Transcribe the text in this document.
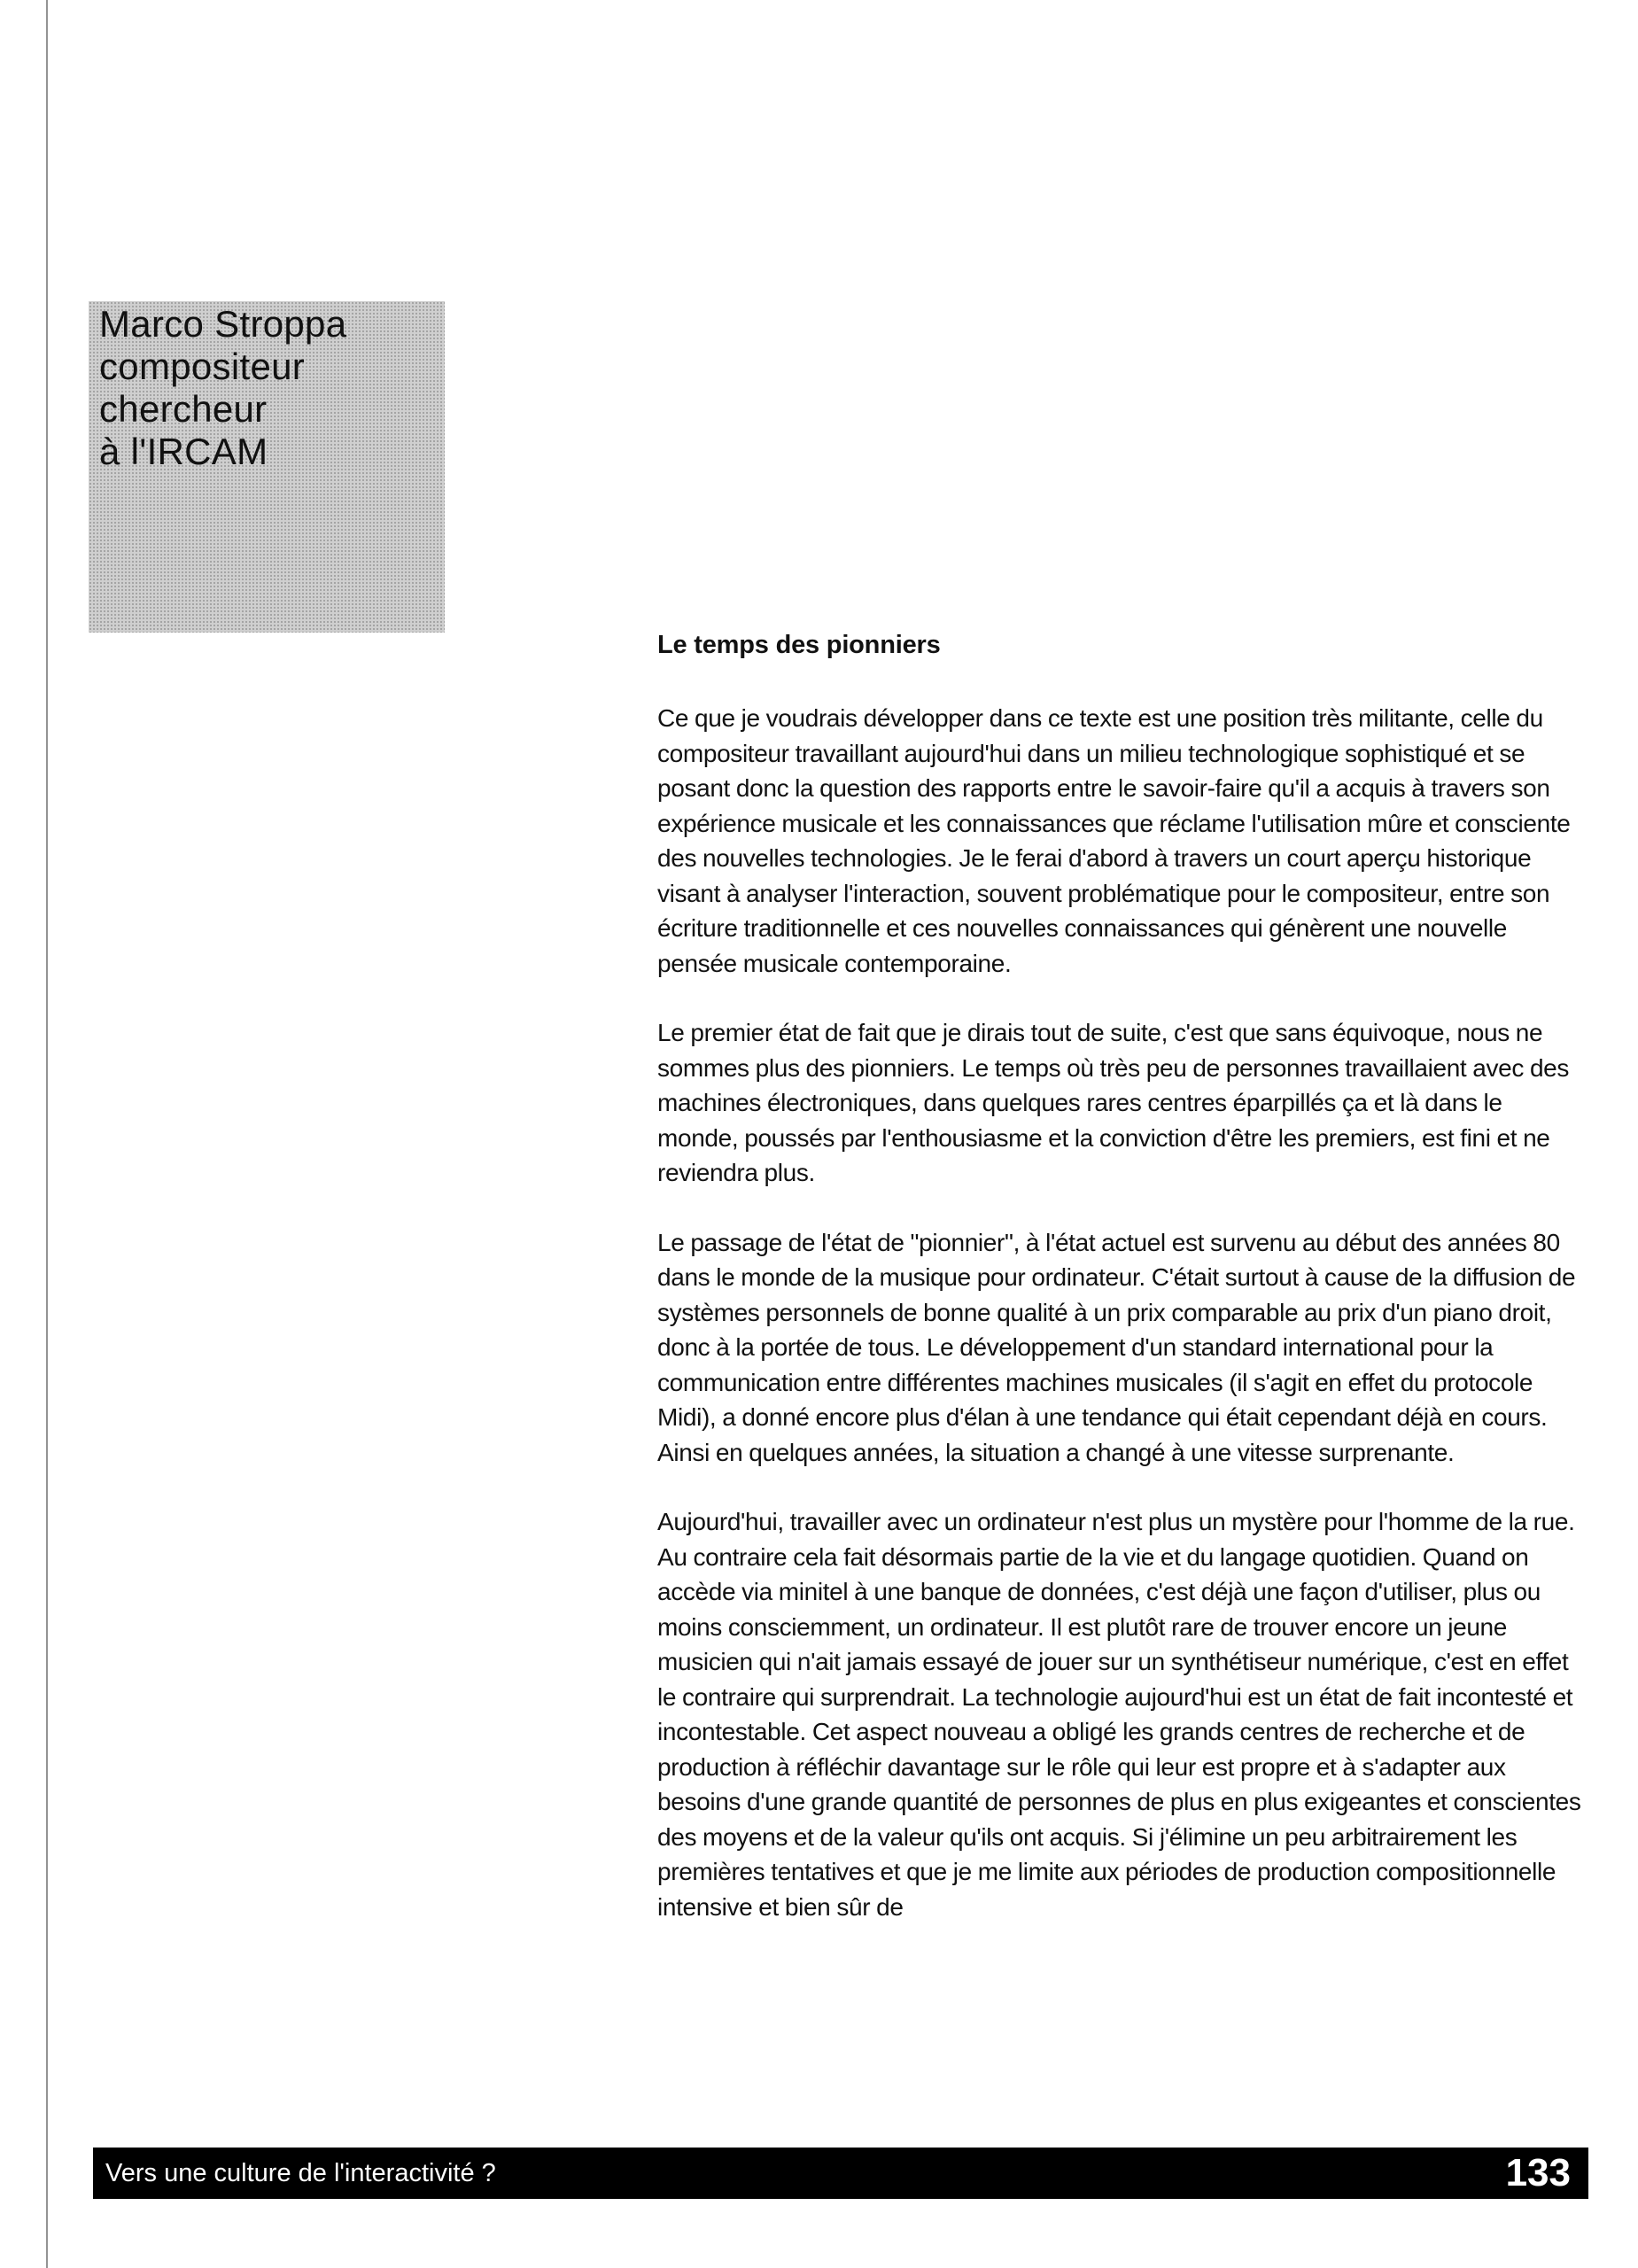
Marco Stroppa
compositeur
chercheur
à l'IRCAM
Le temps des pionniers

Ce que je voudrais développer dans ce texte est une position très militante, celle du compositeur travaillant aujourd'hui dans un milieu technologique sophistiqué et se posant donc la question des rapports entre le savoir-faire qu'il a acquis à travers son expérience musicale et les connaissances que réclame l'utilisation mûre et consciente des nouvelles technologies. Je le ferai d'abord à travers un court aperçu historique visant à analyser l'interaction, souvent problématique pour le compositeur, entre son écriture traditionnelle et ces nouvelles connaissances qui génèrent une nouvelle pensée musicale contemporaine.

Le premier état de fait que je dirais tout de suite, c'est que sans équivoque, nous ne sommes plus des pionniers. Le temps où très peu de personnes travaillaient avec des machines électroniques, dans quelques rares centres éparpillés ça et là dans le monde, poussés par l'enthousiasme et la conviction d'être les premiers, est fini et ne reviendra plus.

Le passage de l'état de "pionnier", à l'état actuel est survenu au début des années 80 dans le monde de la musique pour ordinateur. C'était surtout à cause de la diffusion de systèmes personnels de bonne qualité à un prix comparable au prix d'un piano droit, donc à la portée de tous. Le développement d'un standard international pour la communication entre différentes machines musicales (il s'agit en effet du protocole Midi), a donné encore plus d'élan à une tendance qui était cependant déjà en cours. Ainsi en quelques années, la situation a changé à une vitesse surprenante.

Aujourd'hui, travailler avec un ordinateur n'est plus un mystère pour l'homme de la rue. Au contraire cela fait désormais partie de la vie et du langage quotidien. Quand on accède via minitel à une banque de données, c'est déjà une façon d'utiliser, plus ou moins consciemment, un ordinateur. Il est plutôt rare de trouver encore un jeune musicien qui n'ait jamais essayé de jouer sur un synthétiseur numérique, c'est en effet le contraire qui surprendrait. La technologie aujourd'hui est un état de fait incontesté et incontestable. Cet aspect nouveau a obligé les grands centres de recherche et de production à réfléchir davantage sur le rôle qui leur est propre et à s'adapter aux besoins d'une grande quantité de personnes de plus en plus exigeantes et conscientes des moyens et de la valeur qu'ils ont acquis. Si j'élimine un peu arbitrairement les premières tentatives et que je me limite aux périodes de production compositionnelle intensive et bien sûr de

Vers une culture de l'interactivité ?	133
